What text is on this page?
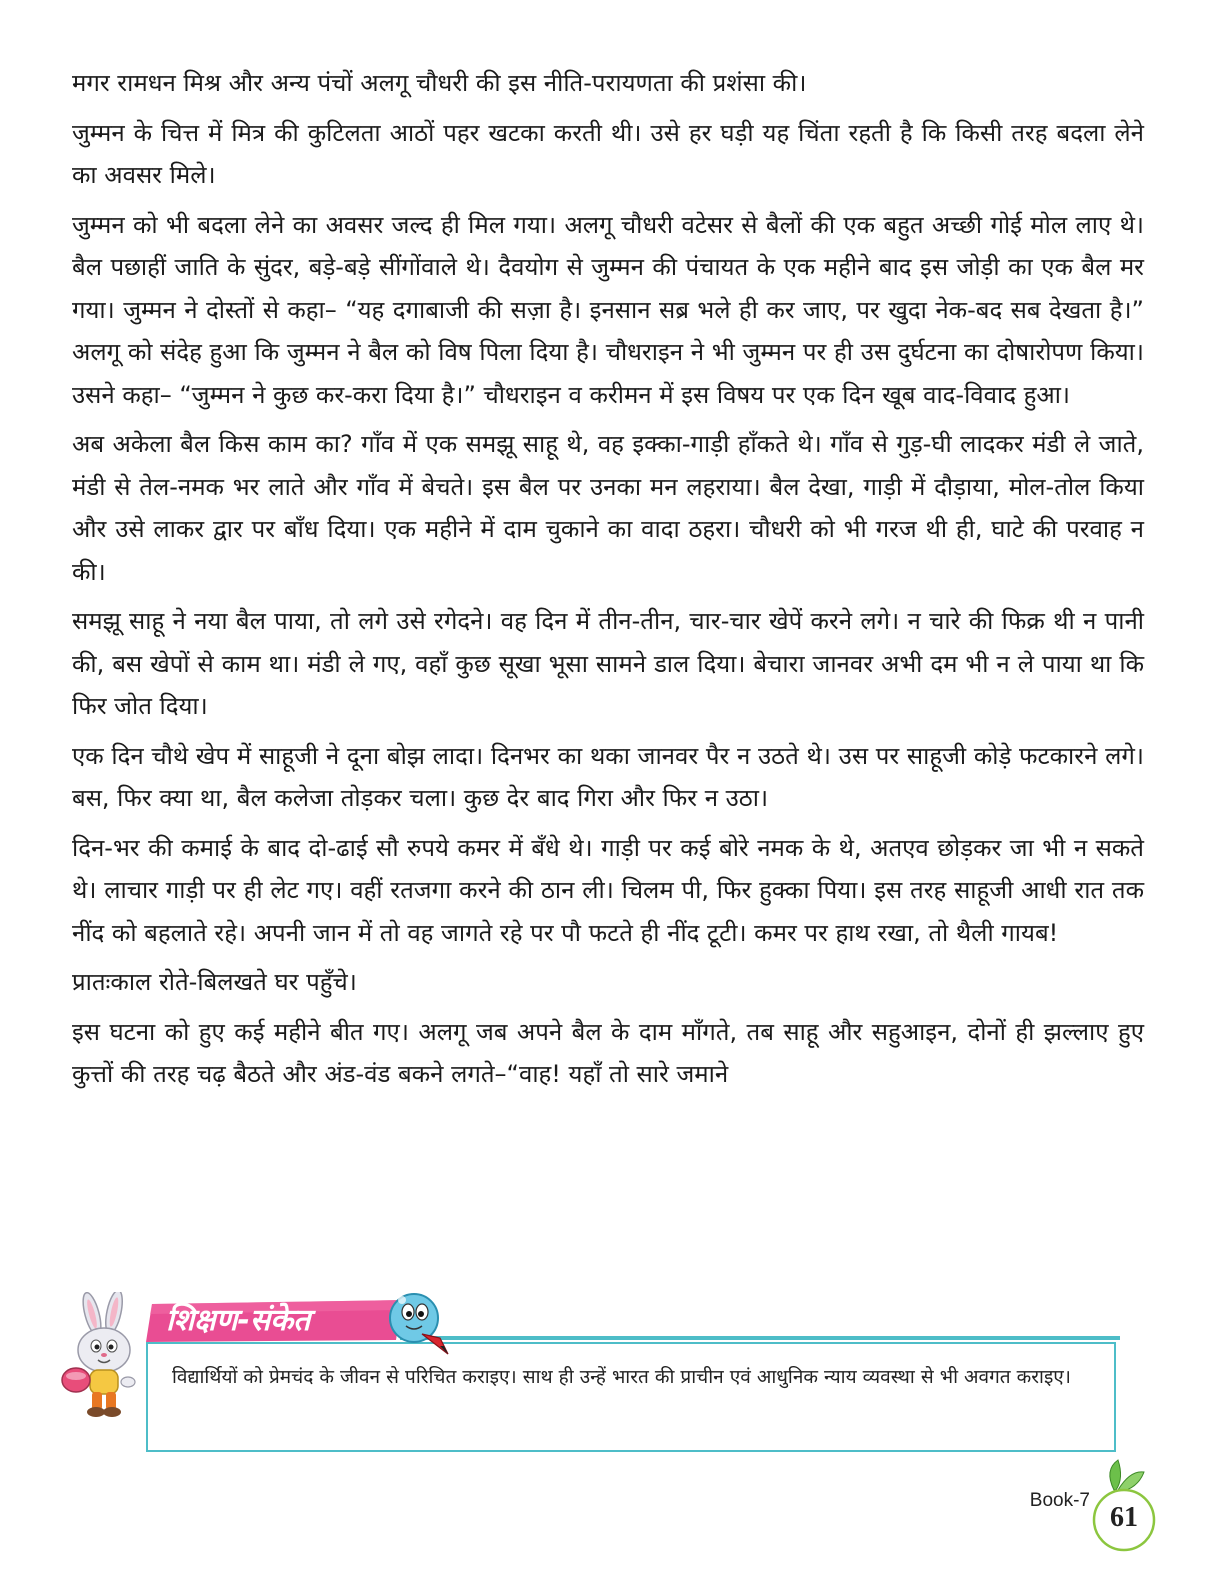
मगर रामधन मिश्र और अन्य पंचों अलगू चौधरी की इस नीति-परायणता की प्रशंसा की।

जुम्मन के चित्त में मित्र की कुटिलता आठों पहर खटका करती थी। उसे हर घड़ी यह चिंता रहती है कि किसी तरह बदला लेने का अवसर मिले।

जुम्मन को भी बदला लेने का अवसर जल्द ही मिल गया। अलगू चौधरी वटेसर से बैलों की एक बहुत अच्छी गोई मोल लाए थे। बैल पछाहीं जाति के सुंदर, बड़े-बड़े सींगोंवाले थे। दैवयोग से जुम्मन की पंचायत के एक महीने बाद इस जोड़ी का एक बैल मर गया। जुम्मन ने दोस्तों से कहा– “यह दगाबाजी की सज़ा है। इनसान सब्र भले ही कर जाए, पर खुदा नेक-बद सब देखता है।” अलगू को संदेह हुआ कि जुम्मन ने बैल को विष पिला दिया है। चौधराइन ने भी जुम्मन पर ही उस दुर्घटना का दोषारोपण किया। उसने कहा– “जुम्मन ने कुछ कर-करा दिया है।” चौधराइन व करीमन में इस विषय पर एक दिन खूब वाद-विवाद हुआ।

अब अकेला बैल किस काम का? गाँव में एक समझू साहू थे, वह इक्का-गाड़ी हाँकते थे। गाँव से गुड़-घी लादकर मंडी ले जाते, मंडी से तेल-नमक भर लाते और गाँव में बेचते। इस बैल पर उनका मन लहराया। बैल देखा, गाड़ी में दौड़ाया, मोल-तोल किया और उसे लाकर द्वार पर बाँध दिया। एक महीने में दाम चुकाने का वादा ठहरा। चौधरी को भी गरज थी ही, घाटे की परवाह न की।

समझू साहू ने नया बैल पाया, तो लगे उसे रगेदने। वह दिन में तीन-तीन, चार-चार खेपें करने लगे। न चारे की फिक्र थी न पानी की, बस खेपों से काम था। मंडी ले गए, वहाँ कुछ सूखा भूसा सामने डाल दिया। बेचारा जानवर अभी दम भी न ले पाया था कि फिर जोत दिया।

एक दिन चौथे खेप में साहूजी ने दूना बोझ लादा। दिनभर का थका जानवर पैर न उठते थे। उस पर साहूजी कोड़े फटकारने लगे। बस, फिर क्या था, बैल कलेजा तोड़कर चला। कुछ देर बाद गिरा और फिर न उठा।

दिन-भर की कमाई के बाद दो-ढाई सौ रुपये कमर में बँधे थे। गाड़ी पर कई बोरे नमक के थे, अतएव छोड़कर जा भी न सकते थे। लाचार गाड़ी पर ही लेट गए। वहीं रतजगा करने की ठान ली। चिलम पी, फिर हुक्का पिया। इस तरह साहूजी आधी रात तक नींद को बहलाते रहे। अपनी जान में तो वह जागते रहे पर पौ फटते ही नींद टूटी। कमर पर हाथ रखा, तो थैली गायब!

प्रातःकाल रोते-बिलखते घर पहुँचे।

इस घटना को हुए कई महीने बीत गए। अलगू जब अपने बैल के दाम माँगते, तब साहू और सहुआइन, दोनों ही झल्लाए हुए कुत्तों की तरह चढ़ बैठते और अंड-वंड बकने लगते–“वाह! यहाँ तो सारे जमाने

शिक्षण-संकेत

विद्यार्थियों को प्रेमचंद के जीवन से परिचित कराइए। साथ ही उन्हें भारत की प्राचीन एवं आधुनिक न्याय व्यवस्था से भी अवगत कराइए।

Book-7
61
